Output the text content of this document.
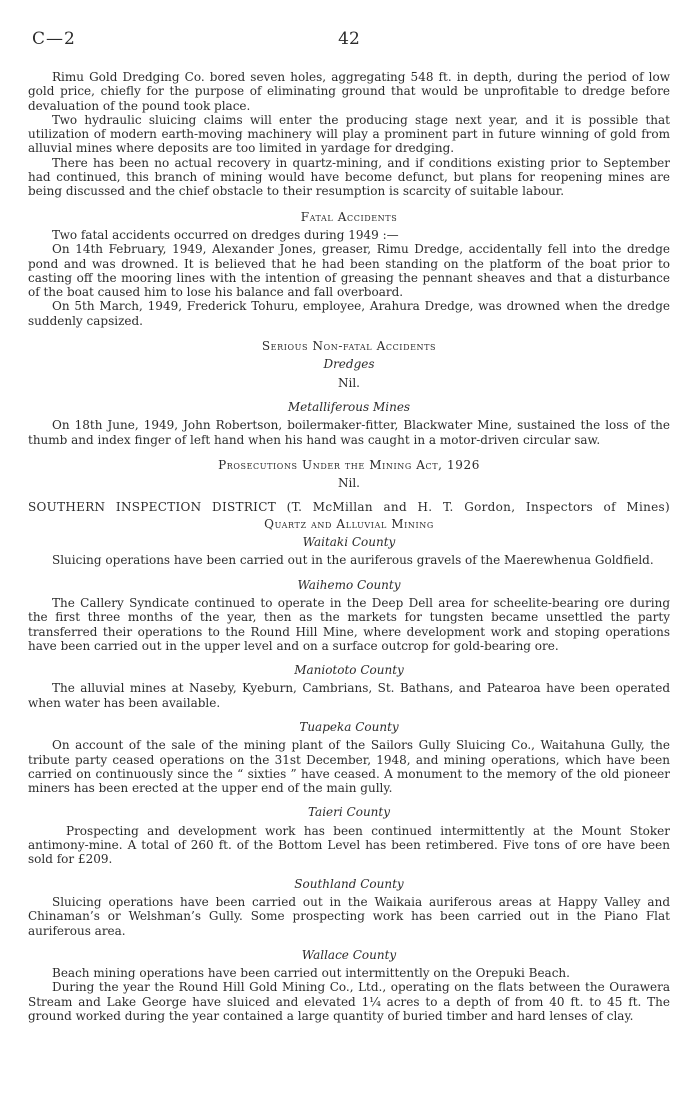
C—2	42

Rimu Gold Dredging Co. bored seven holes, aggregating 548 ft. in depth, during the period of low gold price, chiefly for the purpose of eliminating ground that would be unprofitable to dredge before devaluation of the pound took place.

Two hydraulic sluicing claims will enter the producing stage next year, and it is possible that utilization of modern earth-moving machinery will play a prominent part in future winning of gold from alluvial mines where deposits are too limited in yardage for dredging.

There has been no actual recovery in quartz-mining, and if conditions existing prior to September had continued, this branch of mining would have become defunct, but plans for reopening mines are being discussed and the chief obstacle to their resumption is scarcity of suitable labour.

Fatal Accidents

Two fatal accidents occurred on dredges during 1949 :—

On 14th February, 1949, Alexander Jones, greaser, Rimu Dredge, accidentally fell into the dredge pond and was drowned. It is believed that he had been standing on the platform of the boat prior to casting off the mooring lines with the intention of greasing the pennant sheaves and that a disturbance of the boat caused him to lose his balance and fall overboard.

On 5th March, 1949, Frederick Tohuru, employee, Arahura Dredge, was drowned when the dredge suddenly capsized.

Serious Non-fatal Accidents
Dredges
Nil.
Metalliferous Mines

On 18th June, 1949, John Robertson, boilermaker-fitter, Blackwater Mine, sustained the loss of the thumb and index finger of left hand when his hand was caught in a motor-driven circular saw.

Prosecutions Under the Mining Act, 1926
Nil.
SOUTHERN INSPECTION DISTRICT (T. McMillan and H. T. Gordon, Inspectors of Mines)
Quartz and Alluvial Mining
Waitaki County

Sluicing operations have been carried out in the auriferous gravels of the Maerewhenua Goldfield.

Waihemo County

The Callery Syndicate continued to operate in the Deep Dell area for scheelite-bearing ore during the first three months of the year, then as the markets for tungsten became unsettled the party transferred their operations to the Round Hill Mine, where development work and stoping operations have been carried out in the upper level and on a surface outcrop for gold-bearing ore.

Maniototo County

The alluvial mines at Naseby, Kyeburn, Cambrians, St. Bathans, and Patearoa have been operated when water has been available.

Tuapeka County

On account of the sale of the mining plant of the Sailors Gully Sluicing Co., Waitahuna Gully, the tribute party ceased operations on the 31st December, 1948, and mining operations, which have been carried on continuously since the “ sixties ” have ceased. A monument to the memory of the old pioneer miners has been erected at the upper end of the main gully.

Taieri County

Prospecting and development work has been continued intermittently at the Mount Stoker antimony-mine. A total of 260 ft. of the Bottom Level has been retimbered. Five tons of ore have been sold for £209.

Southland County

Sluicing operations have been carried out in the Waikaia auriferous areas at Happy Valley and Chinaman’s or Welshman’s Gully. Some prospecting work has been carried out in the Piano Flat auriferous area.

Wallace County

Beach mining operations have been carried out intermittently on the Orepuki Beach.

During the year the Round Hill Gold Mining Co., Ltd., operating on the flats between the Ourawera Stream and Lake George have sluiced and elevated 1¼ acres to a depth of from 40 ft. to 45 ft. The ground worked during the year contained a large quantity of buried timber and hard lenses of clay.
